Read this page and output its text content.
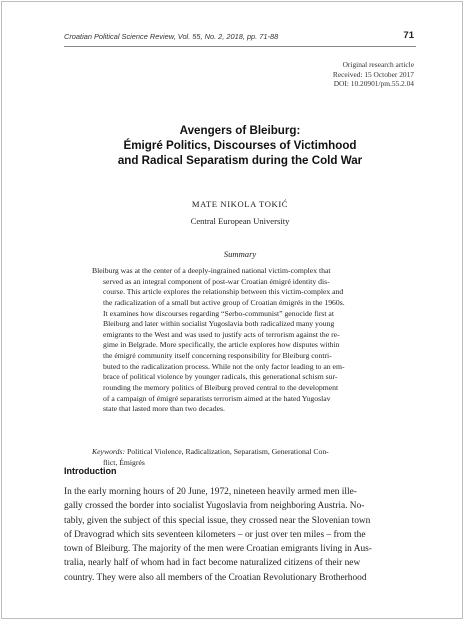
Croatian Political Science Review, Vol. 55, No. 2, 2018, pp. 71-88	71
Original research article
Received: 15 October 2017
DOI: 10.20901/pm.55.2.04
Avengers of Bleiburg:
Émigré Politics, Discourses of Victimhood
and Radical Separatism during the Cold War
MATE NIKOLA TOKIĆ
Central European University
Summary
Bleiburg was at the center of a deeply-ingrained national victim-complex that
served as an integral component of post-war Croatian émigré identity dis-
course. This article explores the relationship between this victim-complex and
the radicalization of a small but active group of Croatian émigrés in the 1960s.
It examines how discourses regarding “Serbo-communist” genocide first at
Bleiburg and later within socialist Yugoslavia both radicalized many young
emigrants to the West and was used to justify acts of terrorism against the re-
gime in Belgrade. More specifically, the article explores how disputes within
the émigré community itself concerning responsibility for Bleiburg contri-
buted to the radicalization process. While not the only factor leading to an em-
brace of political violence by younger radicals, this generational schism sur-
rounding the memory politics of Bleiburg proved central to the development
of a campaign of émigré separatists terrorism aimed at the hated Yugoslav
state that lasted more than two decades.
Keywords: Political Violence, Radicalization, Separatism, Generational Con-
flict, Émigrés
Introduction
In the early morning hours of 20 June, 1972, nineteen heavily armed men ille-
gally crossed the border into socialist Yugoslavia from neighboring Austria. No-
tably, given the subject of this special issue, they crossed near the Slovenian town
of Dravograd which sits seventeen kilometers – or just over ten miles – from the
town of Bleiburg. The majority of the men were Croatian emigrants living in Aus-
tralia, nearly half of whom had in fact become naturalized citizens of their new
country. They were also all members of the Croatian Revolutionary Brotherhood
